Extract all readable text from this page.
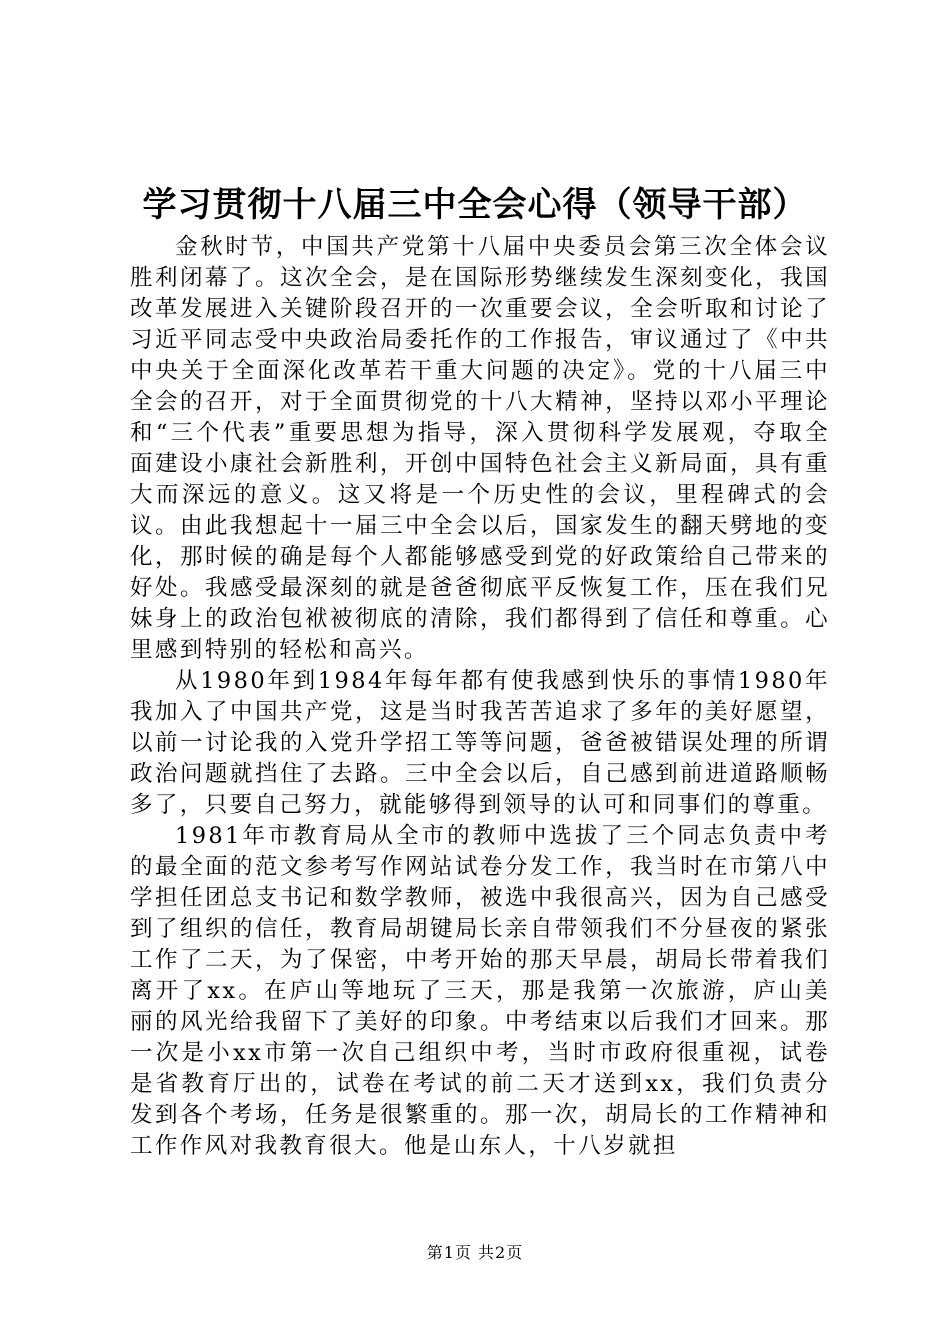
学习贯彻十八届三中全会心得（领导干部）

金秋时节，中国共产党第十八届中央委员会第三次全体会议胜利闭幕了。这次全会，是在国际形势继续发生深刻变化，我国改革发展进入关键阶段召开的一次重要会议，全会听取和讨论了习近平同志受中央政治局委托作的工作报告，审议通过了《中共中央关于全面深化改革若干重大问题的决定》。党的十八届三中全会的召开，对于全面贯彻党的十八大精神，坚持以邓小平理论和“三个代表”重要思想为指导，深入贯彻科学发展观，夺取全面建设小康社会新胜利，开创中国特色社会主义新局面，具有重大而深远的意义。这又将是一个历史性的会议，里程碑式的会议。由此我想起十一届三中全会以后，国家发生的翻天劈地的变化，那时候的确是每个人都能够感受到党的好政策给自己带来的好处。我感受最深刻的就是爸爸彻底平反恢复工作，压在我们兄妹身上的政治包袱被彻底的清除，我们都得到了信任和尊重。心里感到特别的轻松和高兴。

从1980年到1984年每年都有使我感到快乐的事情1980年我加入了中国共产党，这是当时我苦苦追求了多年的美好愿望，以前一讨论我的入党升学招工等等问题，爸爸被错误处理的所谓政治问题就挡住了去路。三中全会以后，自己感到前进道路顺畅多了，只要自己努力，就能够得到领导的认可和同事们的尊重。

1981年市教育局从全市的教师中选拔了三个同志负责中考的最全面的范文参考写作网站试卷分发工作，我当时在市第八中学担任团总支书记和数学教师，被选中我很高兴，因为自己感受到了组织的信任，教育局胡键局长亲自带领我们不分昼夜的紧张工作了二天，为了保密，中考开始的那天早晨，胡局长带着我们离开了xx。在庐山等地玩了三天，那是我第一次旅游，庐山美丽的风光给我留下了美好的印象。中考结束以后我们才回来。那一次是小xx市第一次自己组织中考，当时市政府很重视，试卷是省教育厅出的，试卷在考试的前二天才送到xx，我们负责分发到各个考场，任务是很繁重的。那一次，胡局长的工作精神和工作作风对我教育很大。他是山东人，十八岁就担

第1页 共2页
